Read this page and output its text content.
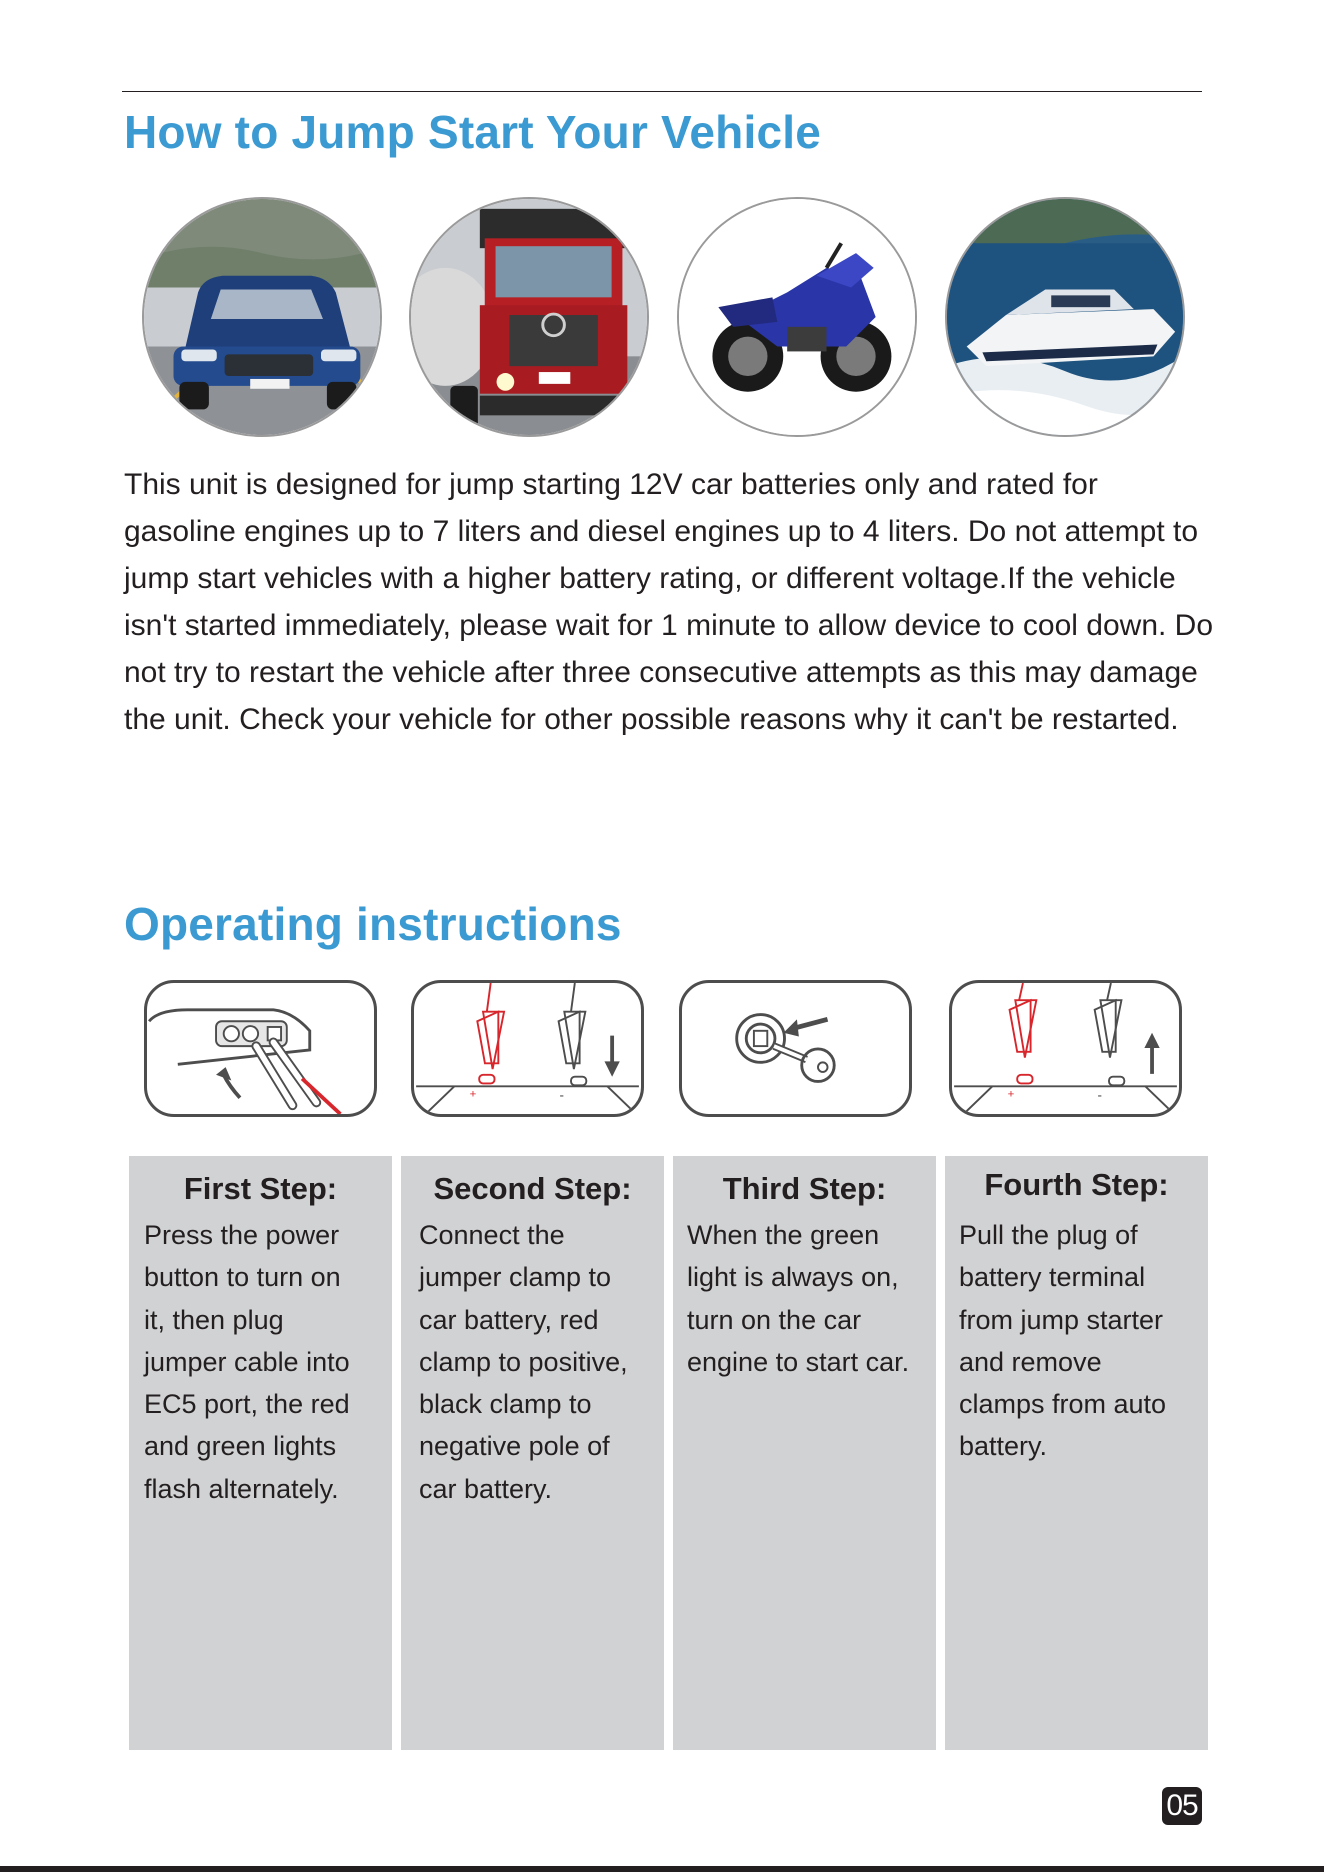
How to Jump Start Your Vehicle

This unit is designed for jump starting 12V car batteries only and rated for gasoline engines up to 7 liters and diesel engines up to 4 liters. Do not attempt to jump start vehicles with a higher battery rating, or different voltage.If the vehicle isn't started immediately, please wait for 1 minute to allow device to cool down. Do not try to restart the vehicle after three consecutive attempts as this may damage the unit. Check your vehicle for other possible reasons why it can't be restarted.

Operating instructions
+	-	+	-
First Step:

Press the power
button to turn on
it, then plug
jumper cable into
EC5 port, the red
and green lights
flash alternately.

Second Step:

Connect the
jumper clamp to
car battery, red
clamp to positive,
black clamp to
negative pole of
car battery.

Third Step:

When the green
light is always on,
turn on the car
engine to start car.

Fourth Step:

Pull the plug of
battery terminal
from jump starter
and remove
clamps from auto
battery.

05
